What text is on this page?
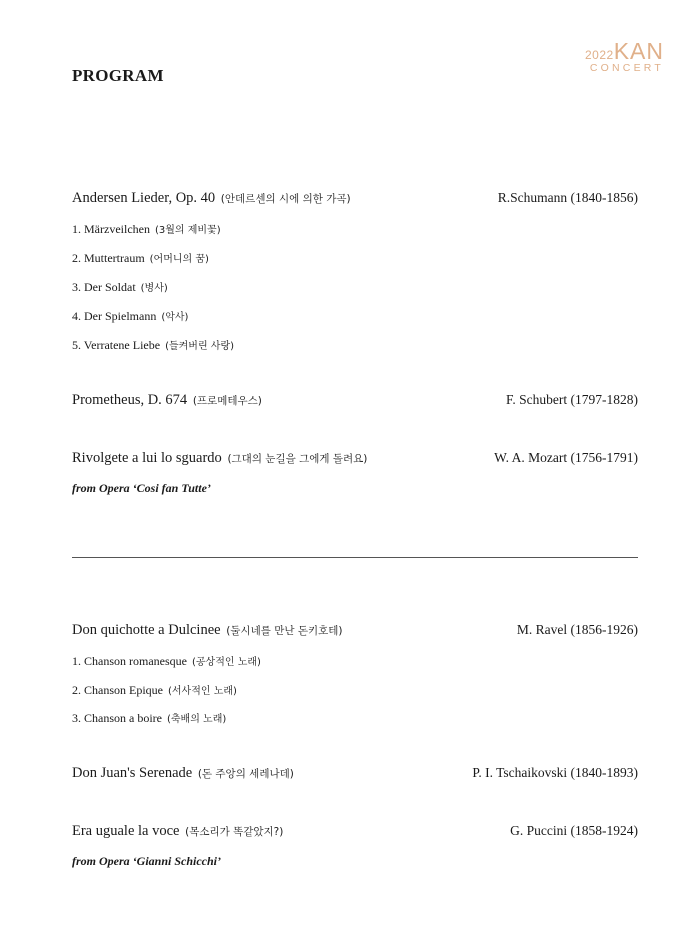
2022KAN
CONCERT
PROGRAM
Andersen Lieder, Op. 40 (안데르센의 시에 의한 가곡)	R.Schumann (1840-1856)
1. Märzveilchen (3월의 제비꽃)
2. Muttertraum (어머니의 꿈)
3. Der Soldat (병사)
4. Der Spielmann (악사)
5. Verratene Liebe (들켜버린 사랑)
Prometheus, D. 674 (프로메테우스)	F. Schubert (1797-1828)
Rivolgete a lui lo sguardo (그대의 눈길을 그에게 돌려요)	W. A. Mozart (1756-1791)
from Opera ‘Cosi fan Tutte’
Don quichotte a Dulcinee (둘시네를 만난 돈키호테)	M. Ravel (1856-1926)
1. Chanson romanesque (공상적인 노래)
2. Chanson Epique (서사적인 노래)
3. Chanson a boire (축배의 노래)
Don Juan's Serenade (돈 주앙의 세레나데)	P. I. Tschaikovski (1840-1893)
Era uguale la voce (목소리가 똑같았지?)	G. Puccini (1858-1924)
from Opera ‘Gianni Schicchi’
